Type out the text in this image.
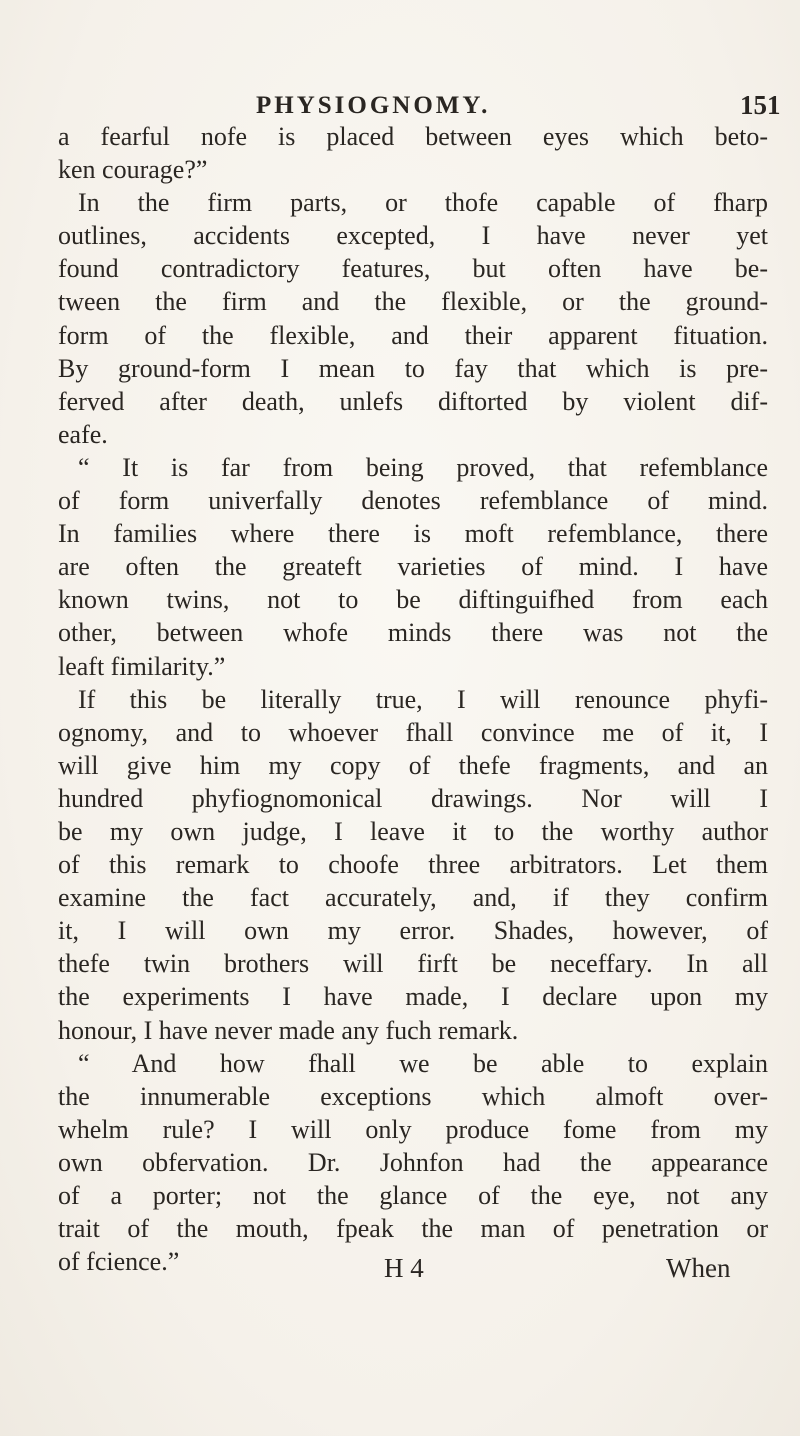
PHYSIOGNOMY.	151
a fearful nofe is placed between eyes which beto-
ken courage?”
In the firm parts, or thofe capable of fharp
outlines, accidents excepted, I have never yet
found contradictory features, but often have be-
tween the firm and the flexible, or the ground-
form of the flexible, and their apparent fituation.
By ground-form I mean to fay that which is pre-
ferved after death, unlefs diftorted by violent dif-
eafe.
“ It is far from being proved, that refemblance
of form univerfally denotes refemblance of mind.
In families where there is moft refemblance, there
are often the greateft varieties of mind. I have
known twins, not to be diftinguifhed from each
other, between whofe minds there was not the
leaft fimilarity.”
If this be literally true, I will renounce phyfi-
ognomy, and to whoever fhall convince me of it, I
will give him my copy of thefe fragments, and an
hundred phyfiognomonical drawings. Nor will I
be my own judge, I leave it to the worthy author
of this remark to choofe three arbitrators. Let them
examine the fact accurately, and, if they confirm
it, I will own my error. Shades, however, of
thefe twin brothers will firft be neceffary. In all
the experiments I have made, I declare upon my
honour, I have never made any fuch remark.
“ And how fhall we be able to explain
the innumerable exceptions which almoft over-
whelm rule? I will only produce fome from my
own obfervation. Dr. Johnfon had the appearance
of a porter; not the glance of the eye, not any
trait of the mouth, fpeak the man of penetration or
of fcience.”	H 4	When
